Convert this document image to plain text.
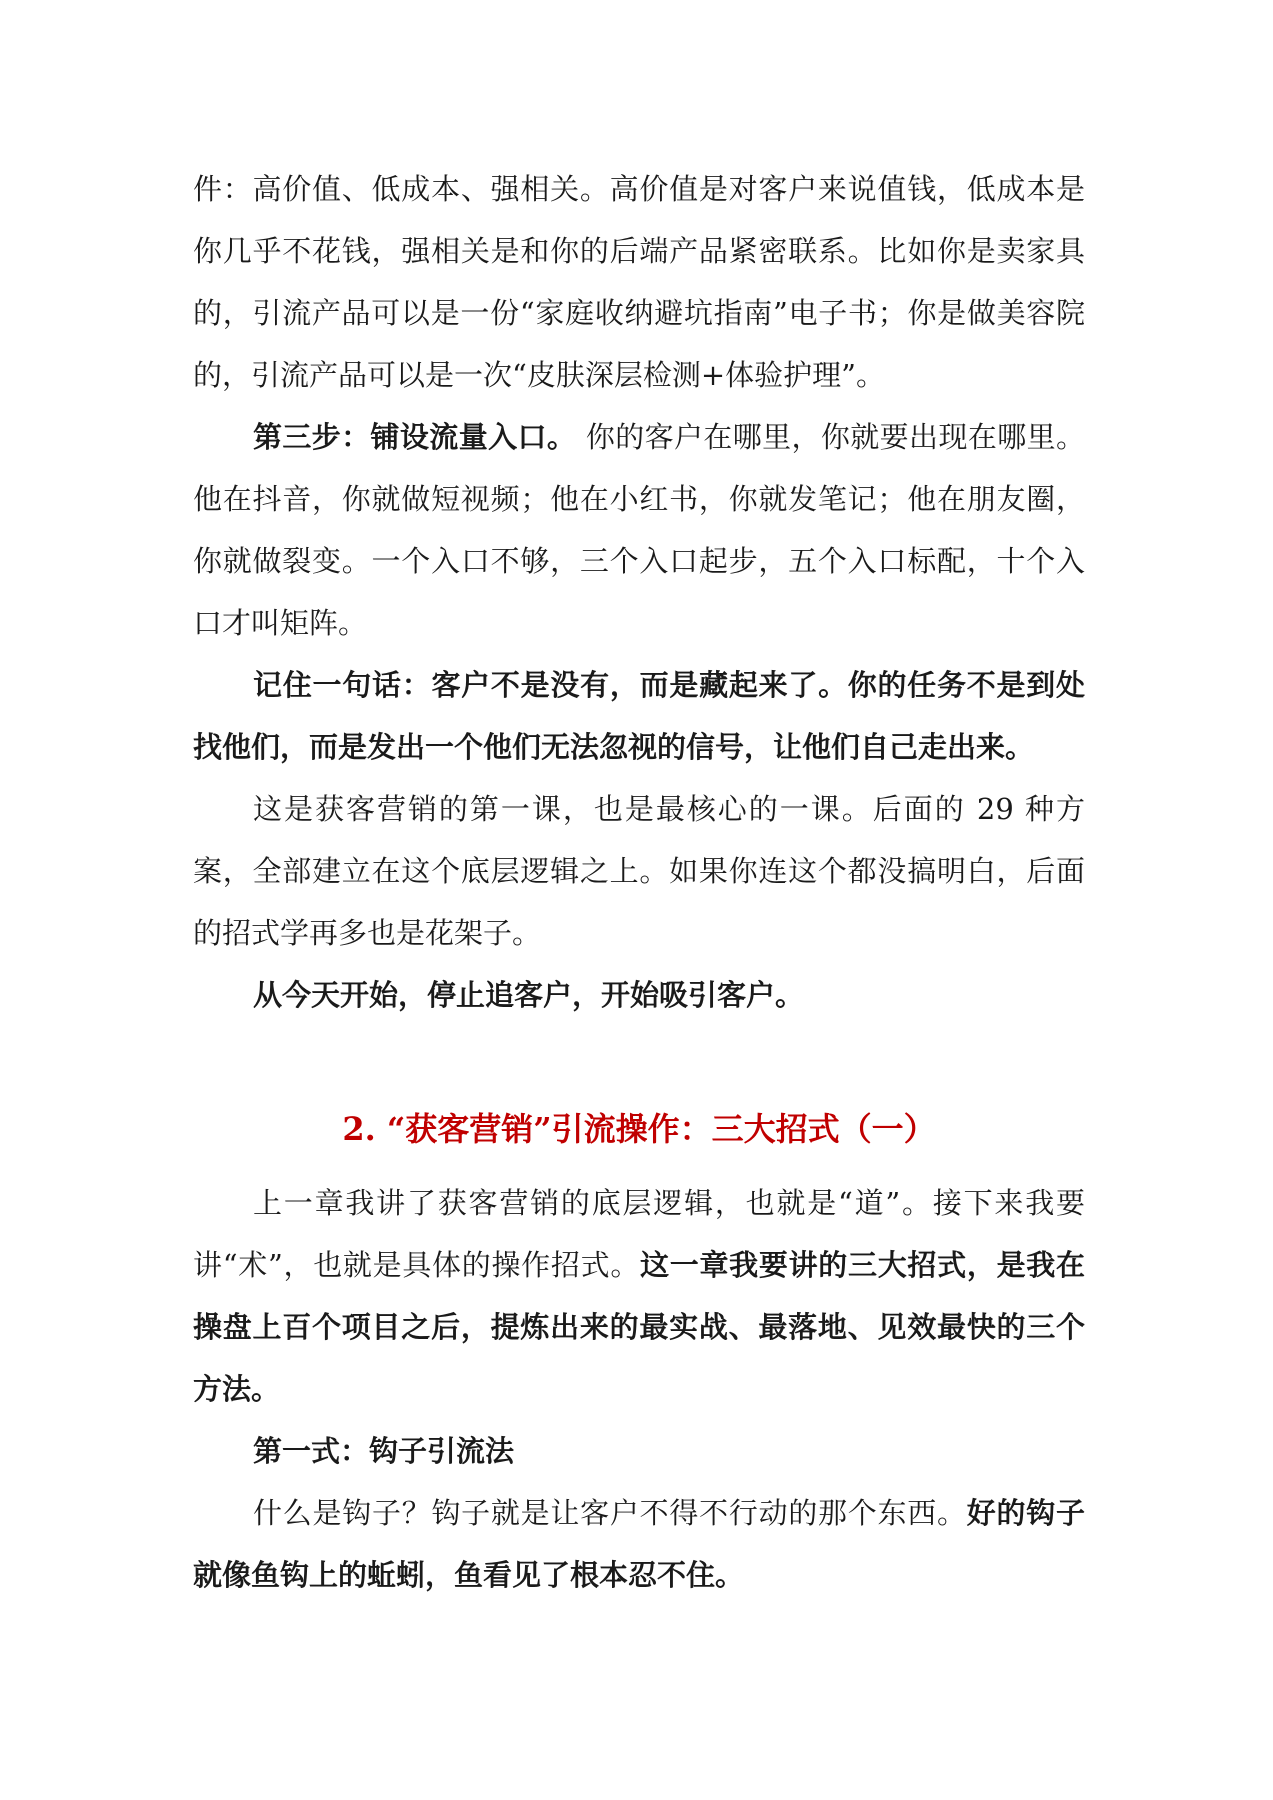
件：高价值、低成本、强相关。高价值是对客户来说值钱，低成本是你几乎不花钱，强相关是和你的后端产品紧密联系。比如你是卖家具的，引流产品可以是一份“家庭收纳避坑指南”电子书；你是做美容院的，引流产品可以是一次“皮肤深层检测+体验护理”。

第三步：铺设流量入口。 你的客户在哪里，你就要出现在哪里。他在抖音，你就做短视频；他在小红书，你就发笔记；他在朋友圈，你就做裂变。一个入口不够，三个入口起步，五个入口标配，十个入口才叫矩阵。

记住一句话：客户不是没有，而是藏起来了。你的任务不是到处找他们，而是发出一个他们无法忽视的信号，让他们自己走出来。

这是获客营销的第一课，也是最核心的一课。后面的 29 种方案，全部建立在这个底层逻辑之上。如果你连这个都没搞明白，后面的招式学再多也是花架子。

从今天开始，停止追客户，开始吸引客户。

2. “获客营销”引流操作：三大招式（一）

上一章我讲了获客营销的底层逻辑，也就是“道”。接下来我要讲“术”，也就是具体的操作招式。这一章我要讲的三大招式，是我在操盘上百个项目之后，提炼出来的最实战、最落地、见效最快的三个方法。

第一式：钩子引流法

什么是钩子？钩子就是让客户不得不行动的那个东西。好的钩子就像鱼钩上的蚯蚓，鱼看见了根本忍不住。
